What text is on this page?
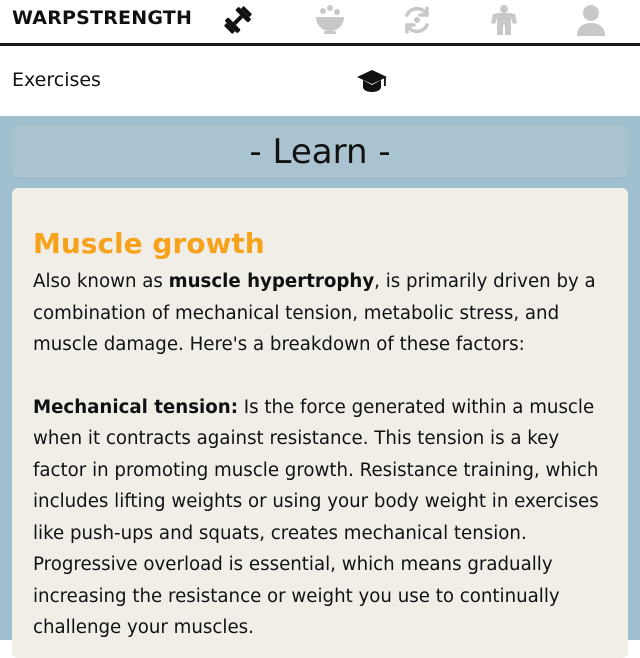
WARPSTRENGTH
Exercises
- Learn -
Muscle growth

Also known as muscle hypertrophy, is primarily driven by a combination of mechanical tension, metabolic stress, and muscle damage. Here's a breakdown of these factors:

Mechanical tension: Is the force generated within a muscle when it contracts against resistance. This tension is a key factor in promoting muscle growth. Resistance training, which includes lifting weights or using your body weight in exercises like push-ups and squats, creates mechanical tension. Progressive overload is essential, which means gradually increasing the resistance or weight you use to continually challenge your muscles.
